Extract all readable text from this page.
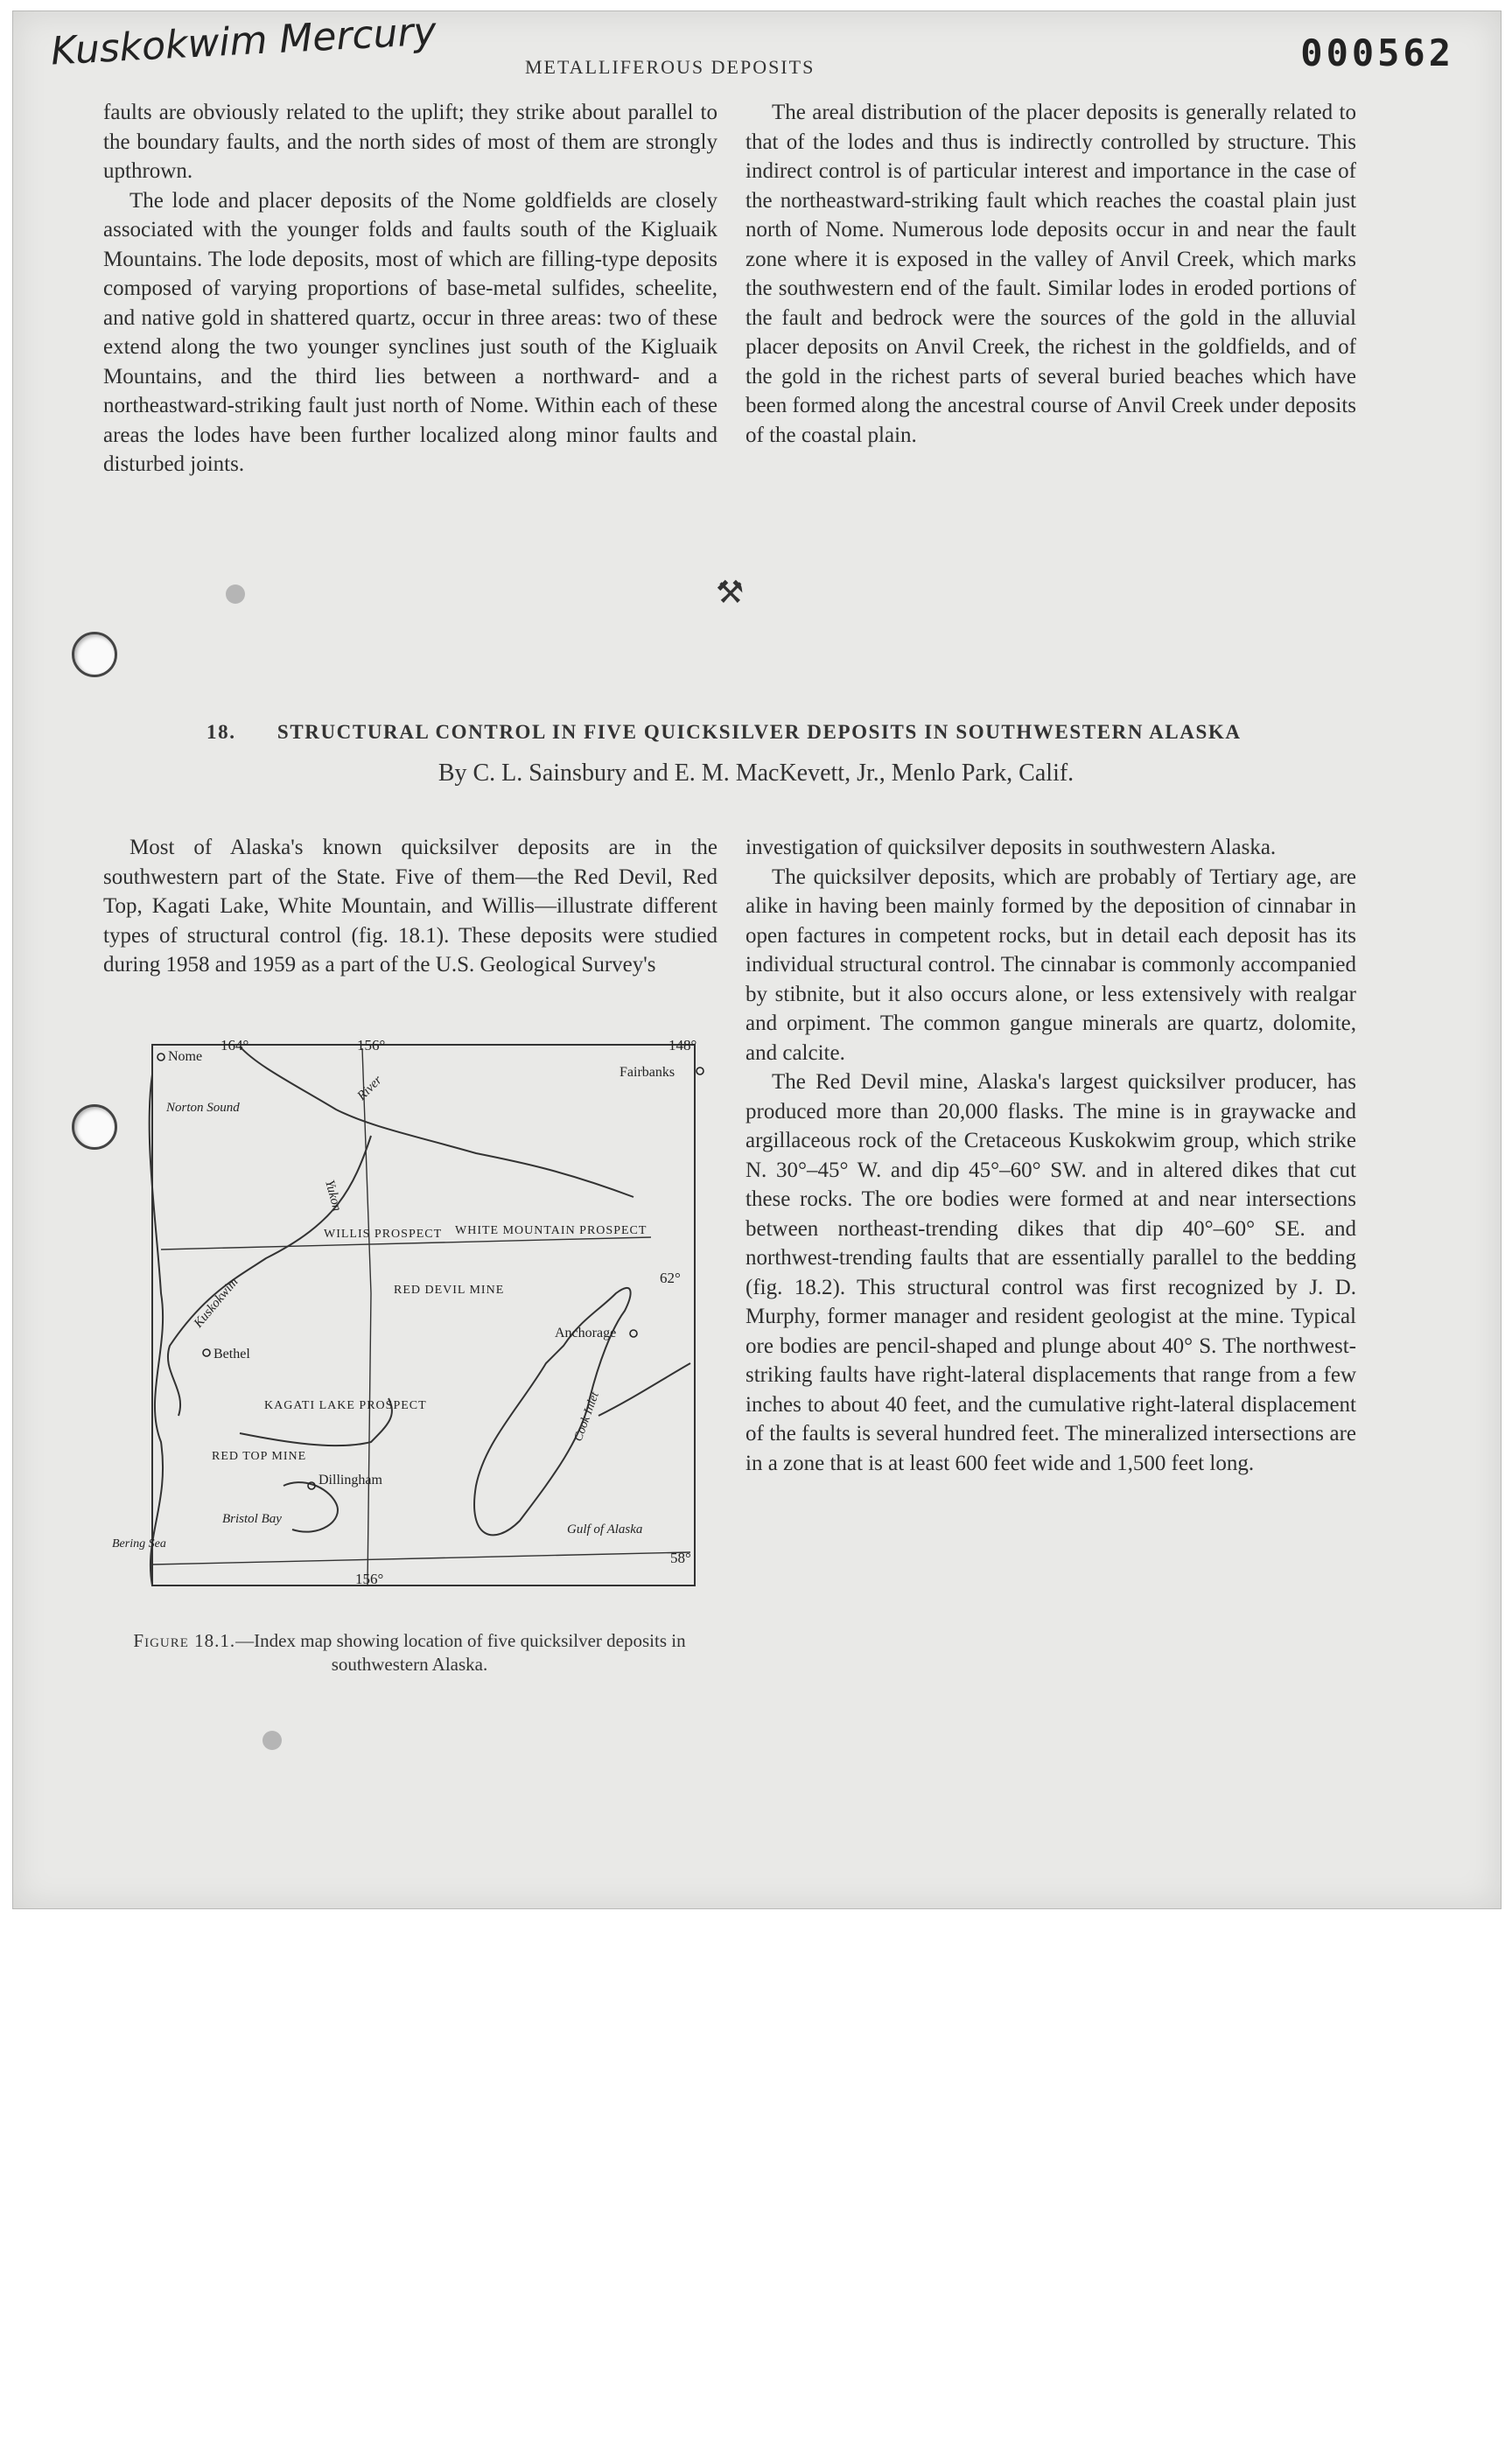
Kuskokwim Mercury	METALLIFEROUS DEPOSITS	000562

faults are obviously related to the uplift; they strike about parallel to the boundary faults, and the north sides of most of them are strongly upthrown.

The lode and placer deposits of the Nome goldfields are closely associated with the younger folds and faults south of the Kigluaik Mountains. The lode deposits, most of which are filling-type deposits composed of varying proportions of base-metal sulfides, scheelite, and native gold in shattered quartz, occur in three areas: two of these extend along the two younger synclines just south of the Kigluaik Mountains, and the third lies between a northward- and a northeastward-striking fault just north of Nome. Within each of these areas the lodes have been further localized along minor faults and disturbed joints.

The areal distribution of the placer deposits is generally related to that of the lodes and thus is indirectly controlled by structure. This indirect control is of particular interest and importance in the case of the northeastward-striking fault which reaches the coastal plain just north of Nome. Numerous lode deposits occur in and near the fault zone where it is exposed in the valley of Anvil Creek, which marks the southwestern end of the fault. Similar lodes in eroded portions of the fault and bedrock were the sources of the gold in the alluvial placer deposits on Anvil Creek, the richest in the goldfields, and of the gold in the richest parts of several buried beaches which have been formed along the ancestral course of Anvil Creek under deposits of the coastal plain.

⚒
18. STRUCTURAL CONTROL IN FIVE QUICKSILVER DEPOSITS IN SOUTHWESTERN ALASKA
By C. L. Sainsbury and E. M. MacKevett, Jr., Menlo Park, Calif.

Most of Alaska's known quicksilver deposits are in the southwestern part of the State. Five of them—the Red Devil, Red Top, Kagati Lake, White Mountain, and Willis—illustrate different types of structural control (fig. 18.1). These deposits were studied during 1958 and 1959 as a part of the U.S. Geological Survey's

investigation of quicksilver deposits in southwestern Alaska.

The quicksilver deposits, which are probably of Tertiary age, are alike in having been mainly formed by the deposition of cinnabar in open factures in competent rocks, but in detail each deposit has its individual structural control. The cinnabar is commonly accompanied by stibnite, but it also occurs alone, or less extensively with realgar and orpiment. The common gangue minerals are quartz, dolomite, and calcite.

The Red Devil mine, Alaska's largest quicksilver producer, has produced more than 20,000 flasks. The mine is in graywacke and argillaceous rock of the Cretaceous Kuskokwim group, which strike N. 30°–45° W. and dip 45°–60° SW. and in altered dikes that cut these rocks. The ore bodies were formed at and near intersections between northeast-trending dikes that dip 40°–60° SE. and northwest-trending faults that are essentially parallel to the bedding (fig. 18.2). This structural control was first recognized by J. D. Murphy, former manager and resident geologist at the mine. Typical ore bodies are pencil-shaped and plunge about 40° S. The northwest-striking faults have right-lateral displacements that range from a few inches to about 40 feet, and the cumulative right-lateral displacement of the faults is several hundred feet. The mineralized intersections are in a zone that is at least 600 feet wide and 1,500 feet long.

164°	156°	148°
156°
62°
58°
Nome
Norton Sound
Fairbanks
Anchorage
Bethel
Dillingham
Bristol Bay
Gulf of Alaska
Cook Inlet
Yukon
River
Kuskokwim
WILLIS PROSPECT WHITE MOUNTAIN PROSPECT
RED DEVIL MINE
KAGATI LAKE PROSPECT
RED TOP MINE
Bering Sea
Figure 18.1.—Index map showing location of five quicksilver deposits in southwestern Alaska.
